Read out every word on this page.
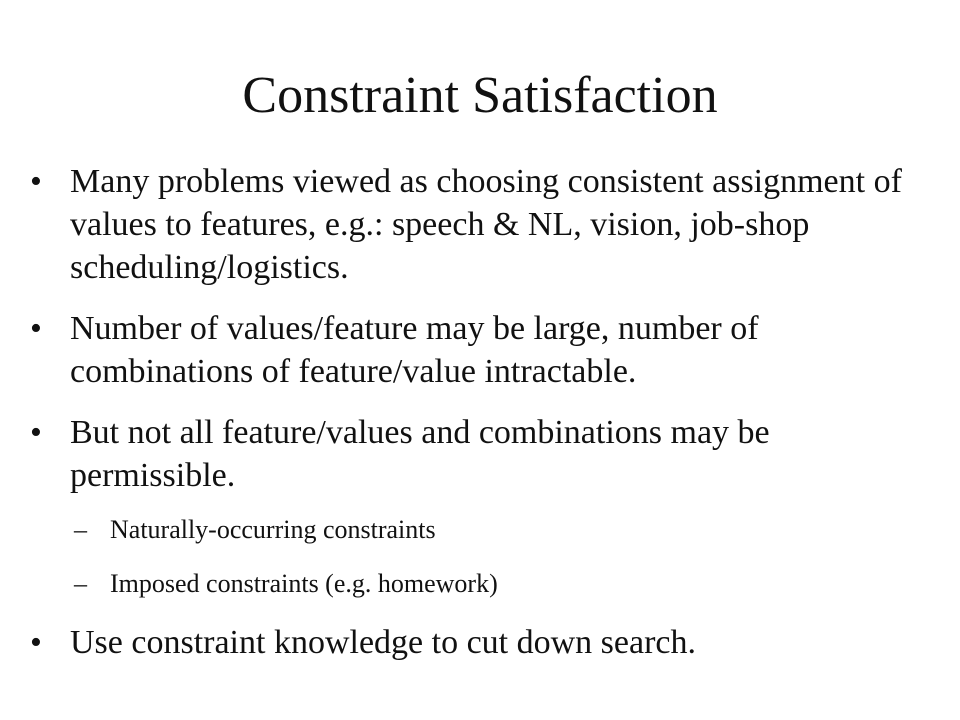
Constraint Satisfaction
• Many problems viewed as choosing consistent assignment of values to features, e.g.: speech & NL, vision, job-shop scheduling/logistics.
• Number of values/feature may be large, number of combinations of feature/value intractable.
• But not all feature/values and combinations may be permissible.
– Naturally-occurring constraints
– Imposed constraints (e.g. homework)
• Use constraint knowledge to cut down search.
